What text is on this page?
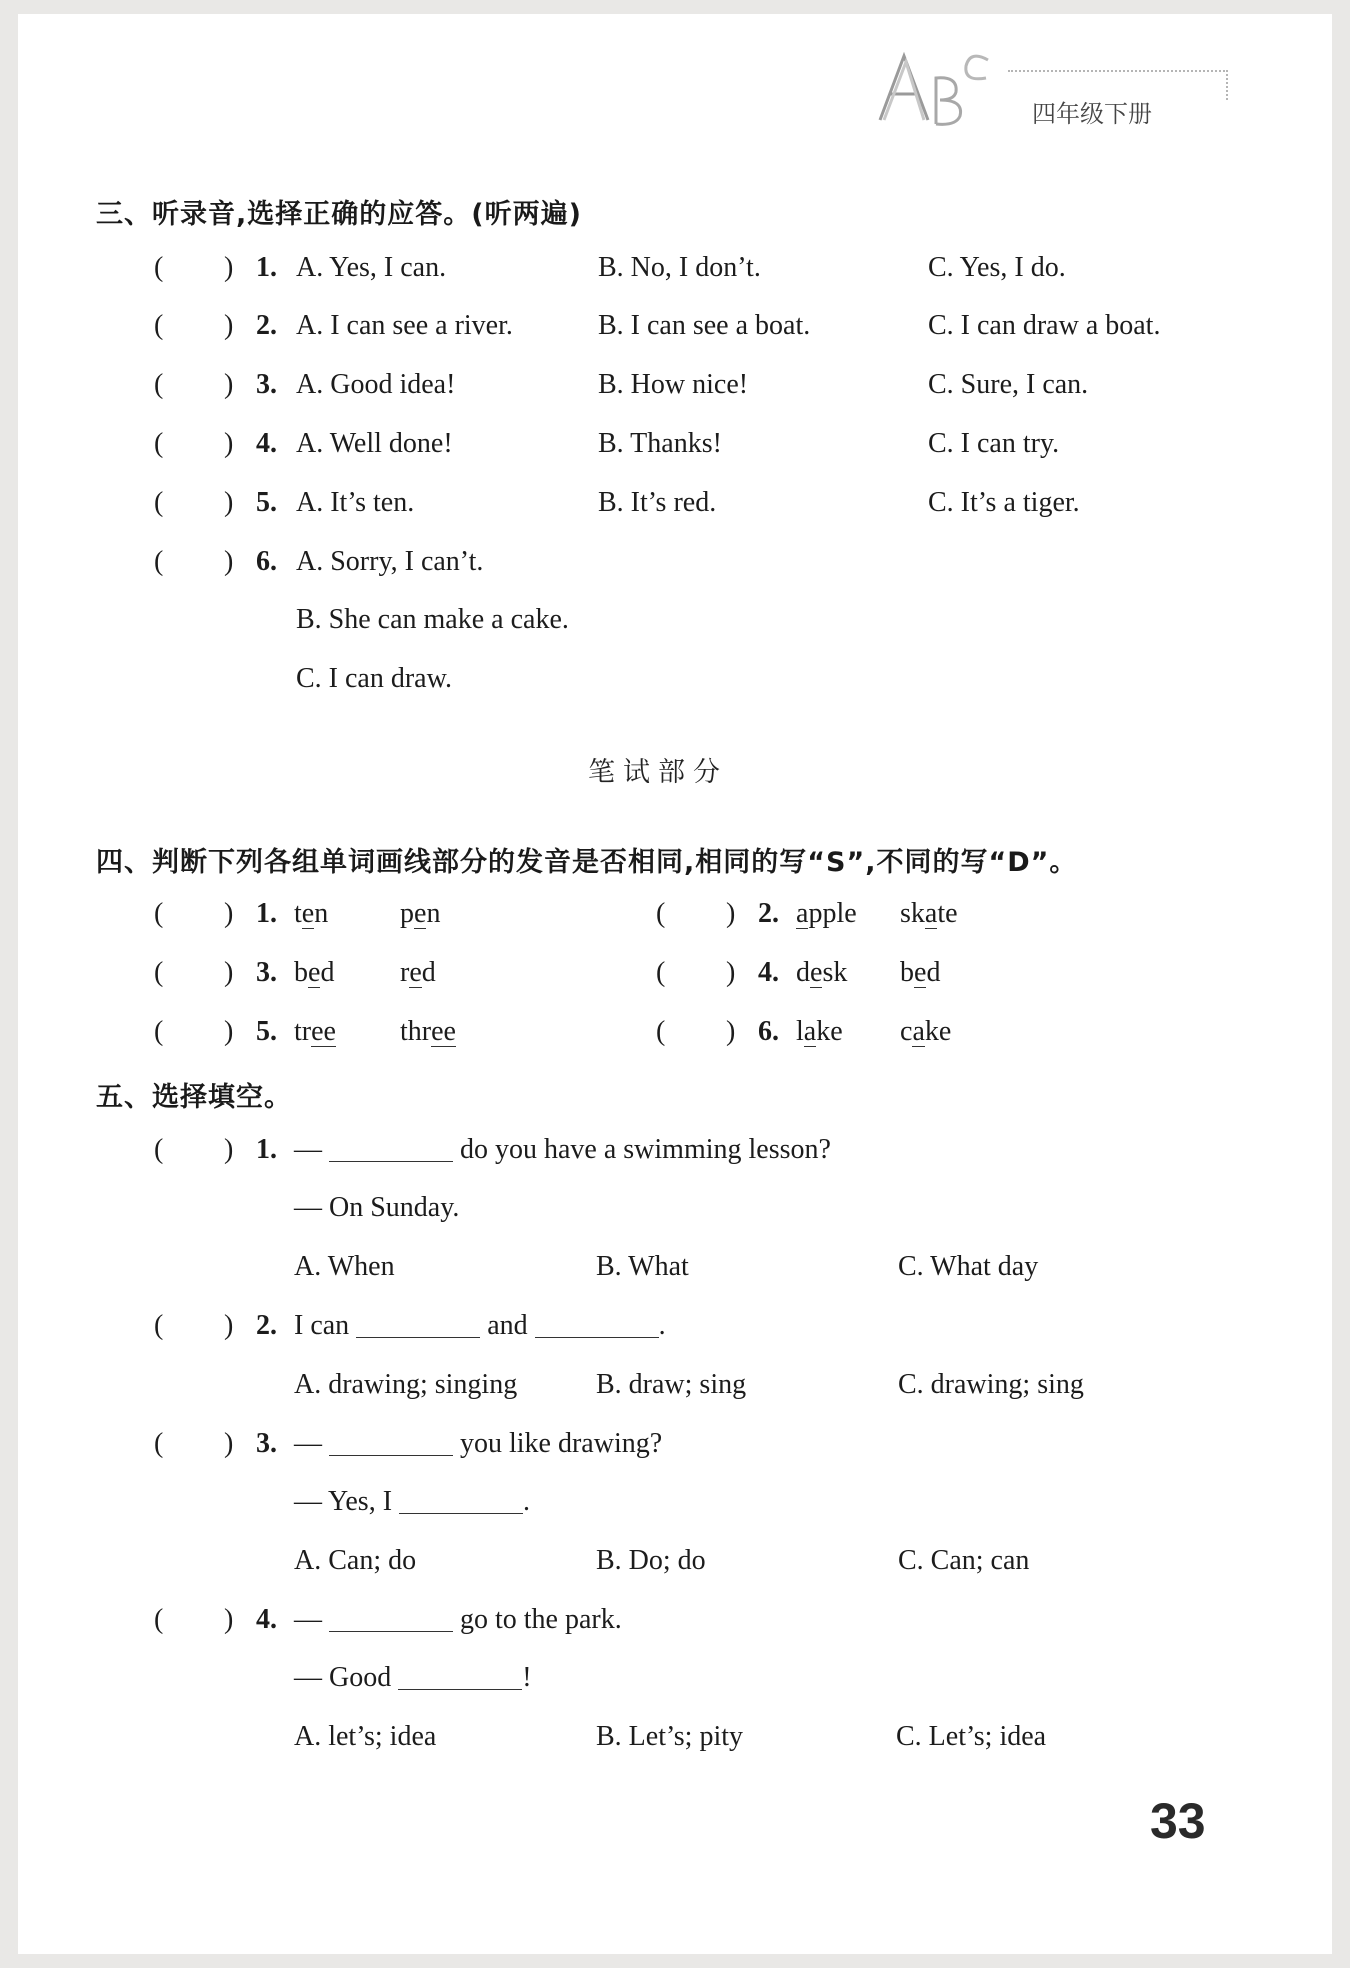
四年级下册
三、听录音,选择正确的应答。(听两遍)
( ) 1. A. Yes, I can.	B. No, I don’t.	C. Yes, I do.
( ) 2. A. I can see a river.	B. I can see a boat.	C. I can draw a boat.
( ) 3. A. Good idea!	B. How nice!	C. Sure, I can.
( ) 4. A. Well done!	B. Thanks!	C. I can try.
( ) 5. A. It’s ten.	B. It’s red.	C. It’s a tiger.
( ) 6. A. Sorry, I can’t.
B. She can make a cake.
C. I can draw.
笔试部分
四、判断下列各组单词画线部分的发音是否相同,相同的写“S”,不同的写“D”。
( ) 1. ten	pen	( ) 2. apple skate
( ) 3. bed red	( ) 4. desk bed
( ) 5. tree three	( ) 6. lake cake
五、选择填空。
( ) 1. —	do you have a swimming lesson?
— On Sunday.
A. When	B. What	C. What day
( ) 2. I can	and	.
A. drawing; singing	B. draw; sing	C. drawing; sing
( ) 3. —	you like drawing?
— Yes, I	.
A. Can; do	B. Do; do	C. Can; can
( ) 4. —	go to the park.
— Good	!
A. let’s; idea	B. Let’s; pity	C. Let’s; idea
33
